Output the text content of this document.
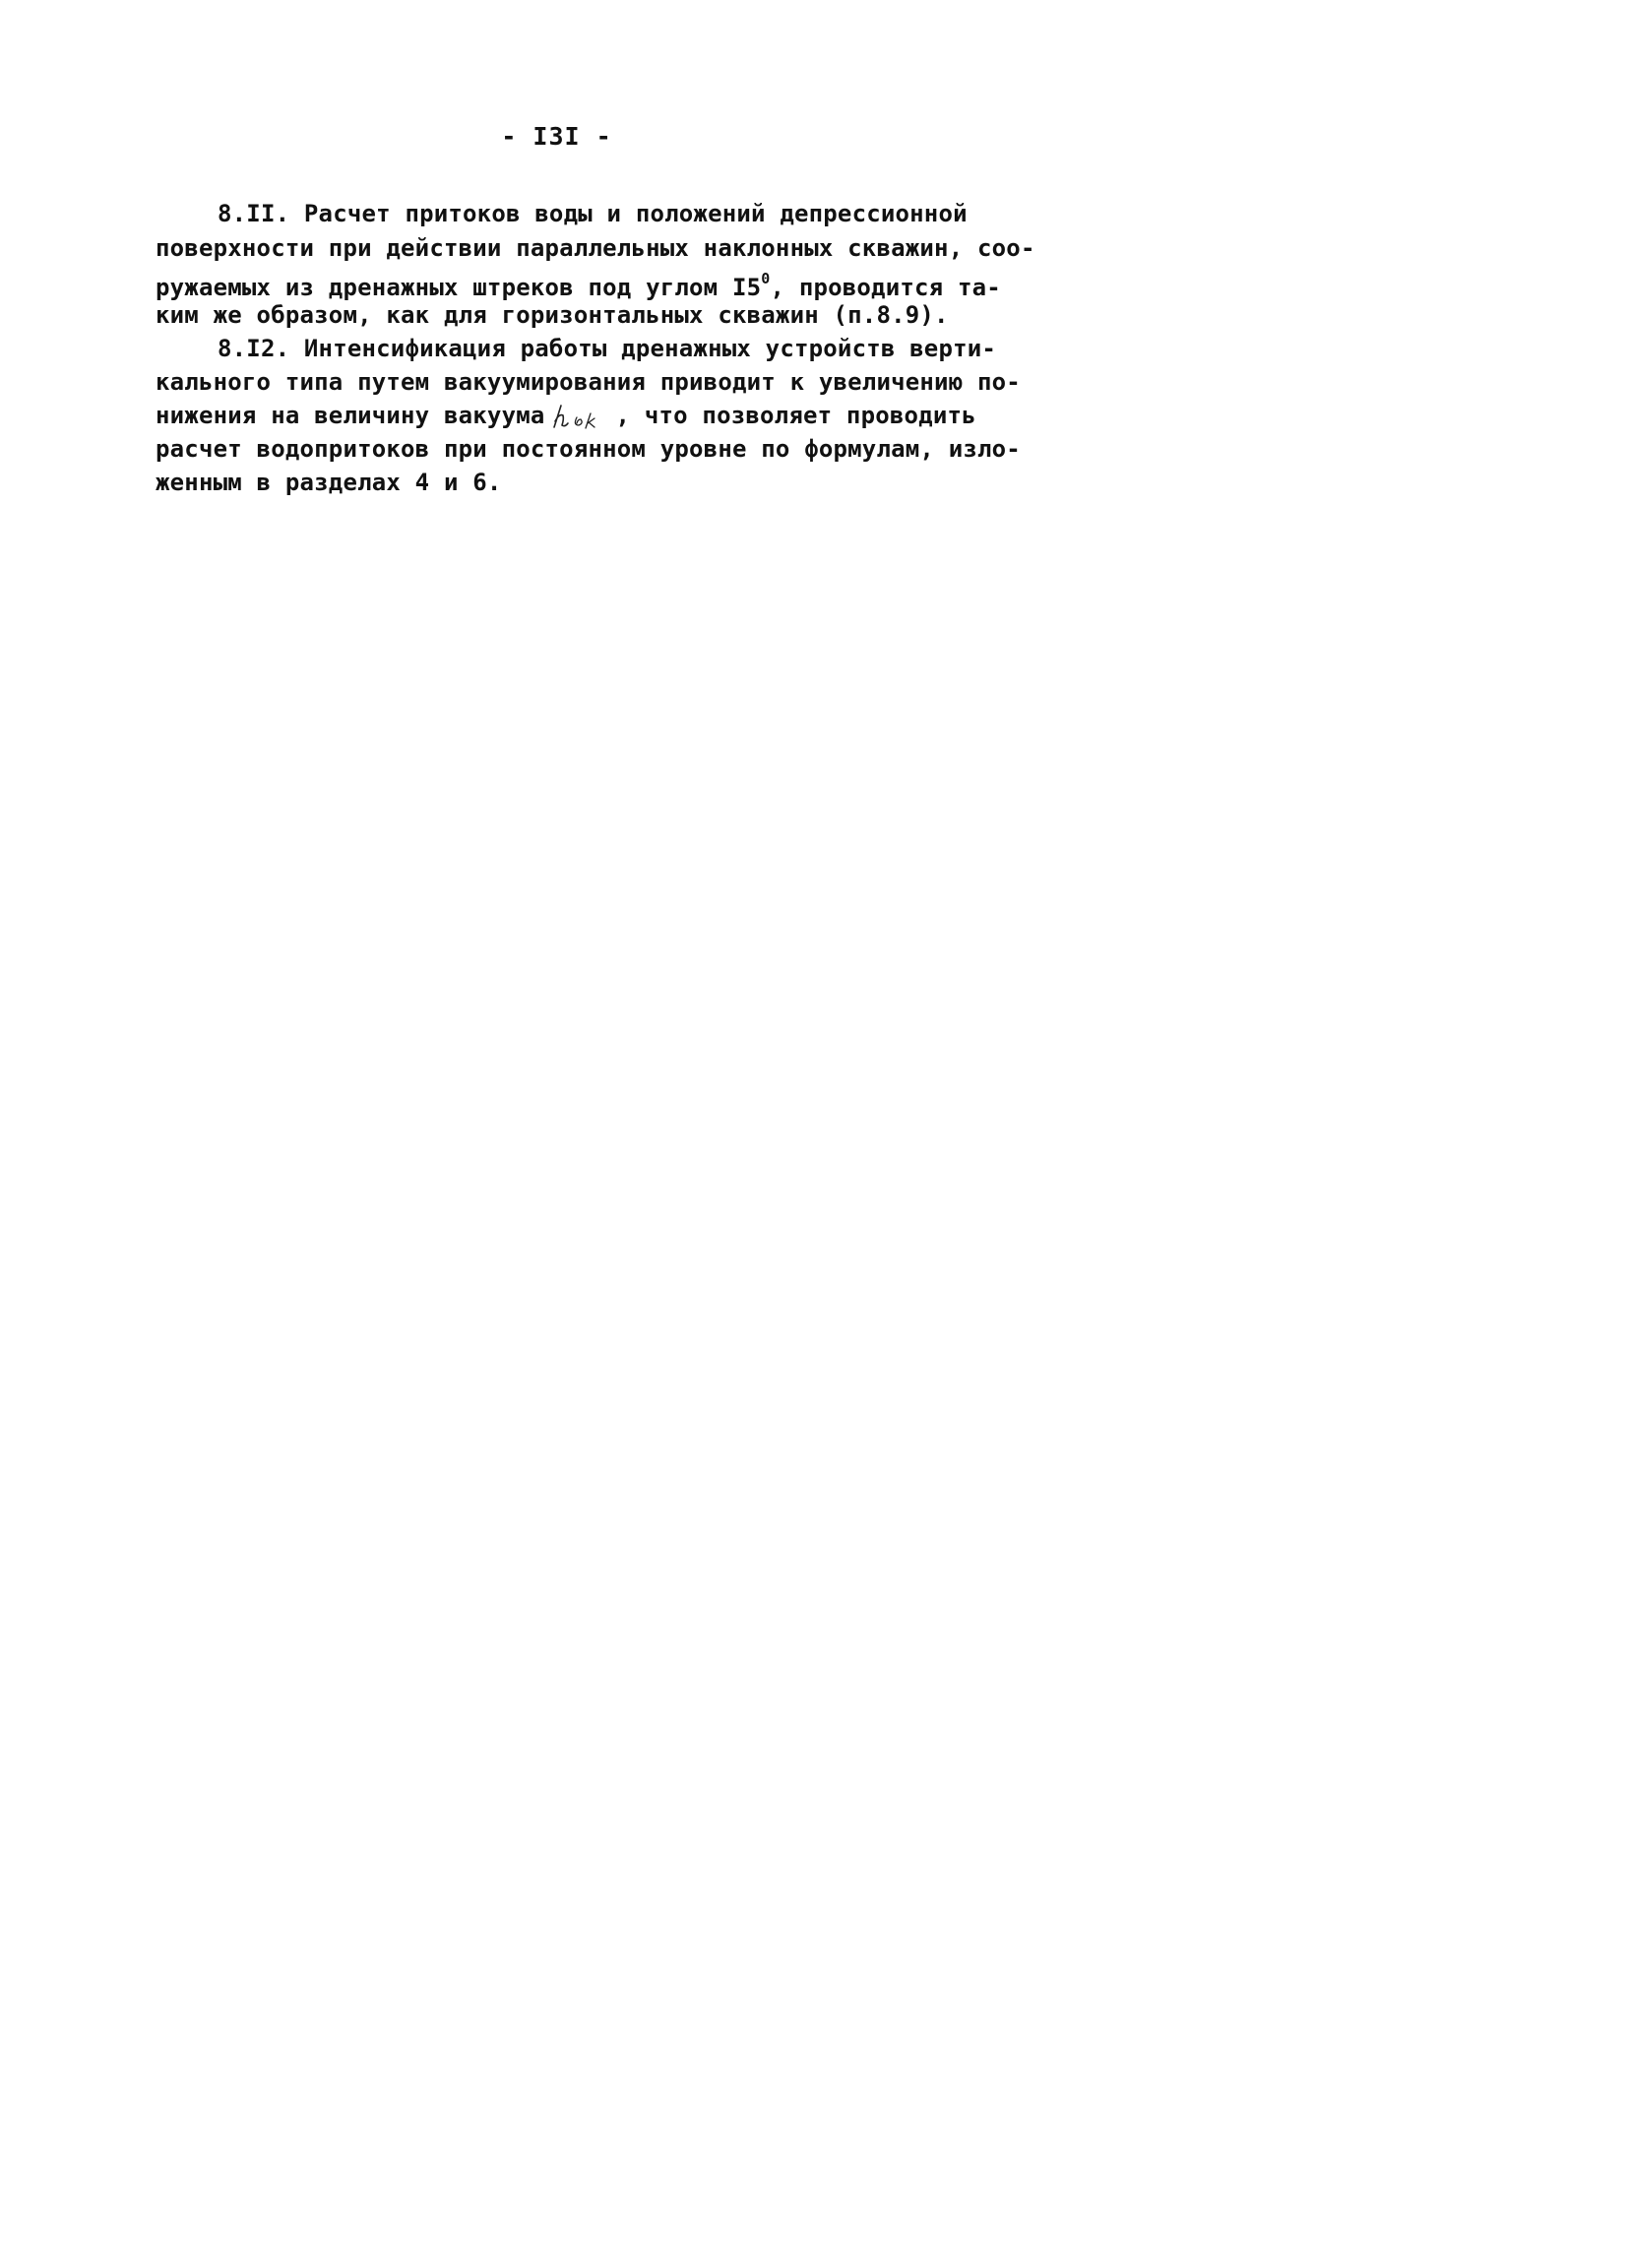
- I3I -
8.II. Расчет притоков воды и положений депрессионной
поверхности при действии параллельных наклонных скважин, соо-
ружаемых из дренажных штреков под углом $I5^0$, проводится та-
ким же образом, как для горизонтальных скважин (п.8.9).
8.I2. Интенсификация работы дренажных устройств верти-
кального типа путем вакуумирования приводит к увеличению по-
нижения на величину вакуума	, что позволяет проводить
расчет водопритоков при постоянном уровне по формулам, изло-
женным в разделах 4 и 6.
